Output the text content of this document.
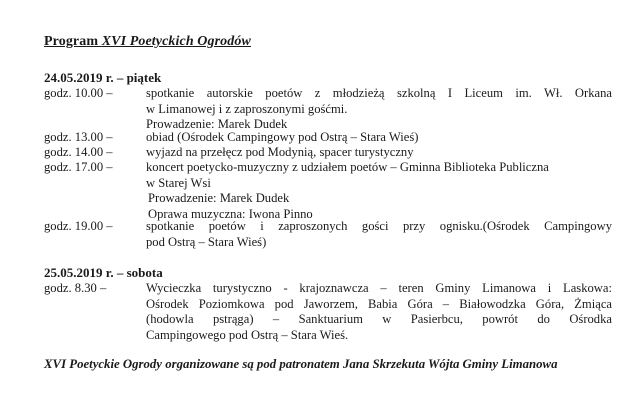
Program XVI Poetyckich Ogrodów
24.05.2019 r. – piątek
godz. 10.00 –	spotkanie autorskie poetów z młodzieżą szkolną I Liceum im. Wł. Orkana
w Limanowej i z zaproszonymi gośćmi.
Prowadzenie: Marek Dudek
godz. 13.00 –	obiad (Ośrodek Campingowy pod Ostrą – Stara Wieś)
godz. 14.00 –	wyjazd na przełęcz pod Modynią, spacer turystyczny
godz. 17.00 –	koncert poetycko-muzyczny z udziałem poetów – Gminna Biblioteka Publiczna
w Starej Wsi
Prowadzenie: Marek Dudek
Oprawa muzyczna: Iwona Pinno
godz. 19.00 –	spotkanie poetów i zaproszonych gości przy ognisku.(Ośrodek Campingowy
pod Ostrą – Stara Wieś)
25.05.2019 r. – sobota
godz. 8.30 –	Wycieczka turystyczno - krajoznawcza – teren Gminy Limanowa i Laskowa:
Ośrodek Poziomkowa pod Jaworzem, Babia Góra – Białowodzka Góra, Żmiąca
(hodowla pstrąga) – Sanktuarium w Pasierbcu, powrót do Ośrodka
Campingowego pod Ostrą – Stara Wieś.
XVI Poetyckie Ogrody organizowane są pod patronatem Jana Skrzekuta Wójta Gminy Limanowa
